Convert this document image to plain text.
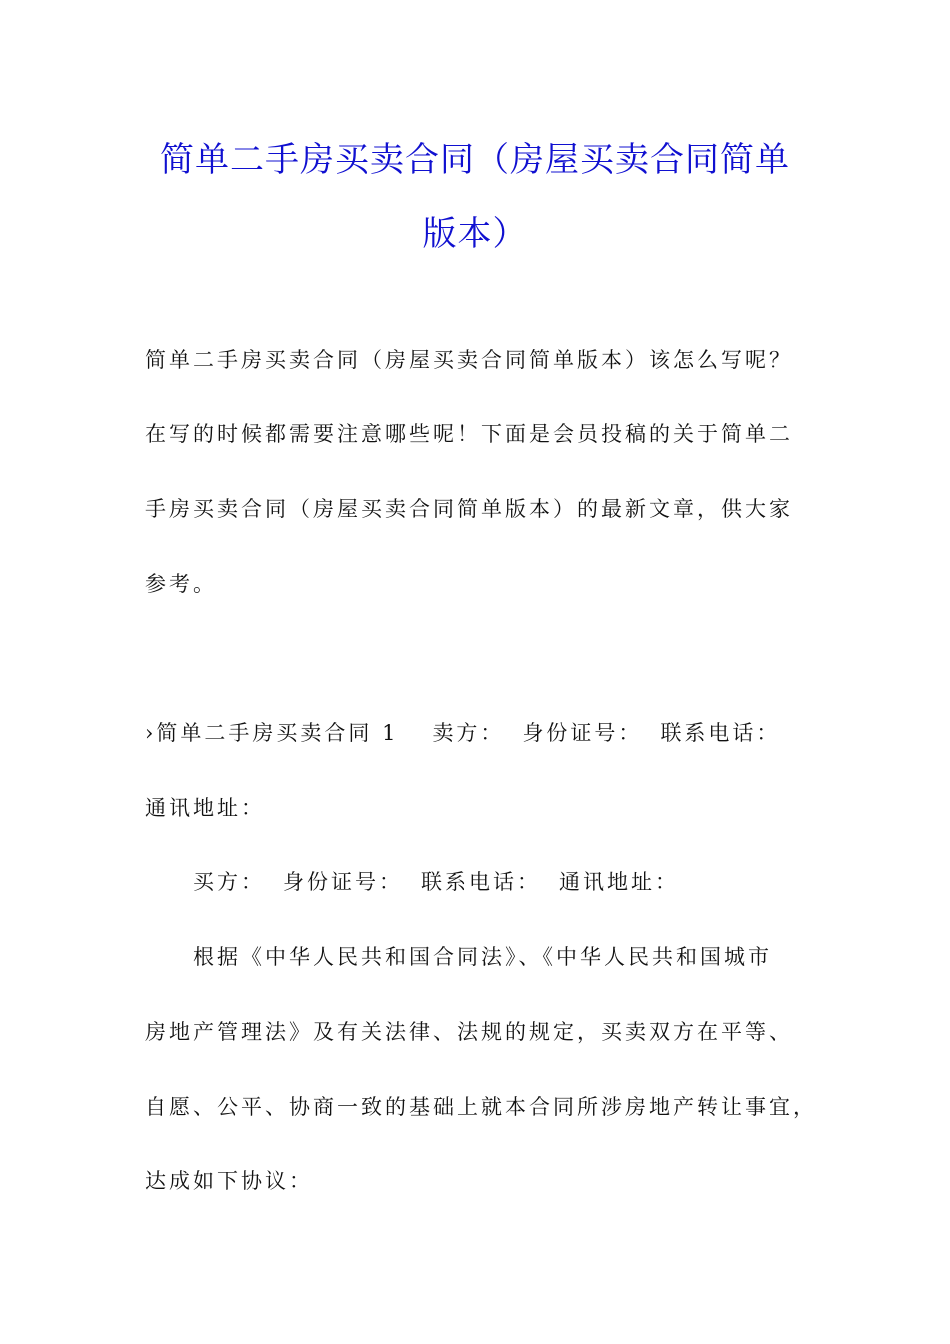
简单二手房买卖合同（房屋买卖合同简单
版本）

简单二手房买卖合同（房屋买卖合同简单版本）该怎么写呢？

在写的时候都需要注意哪些呢！下面是会员投稿的关于简单二

手房买卖合同（房屋买卖合同简单版本）的最新文章，供大家

参考。

›简单二手房买卖合同 1 卖方： 身份证号： 联系电话：

通讯地址：

买方： 身份证号： 联系电话： 通讯地址：

根据《中华人民共和国合同法》、《中华人民共和国城市

房地产管理法》及有关法律、法规的规定，买卖双方在平等、

自愿、公平、协商一致的基础上就本合同所涉房地产转让事宜，

达成如下协议：
